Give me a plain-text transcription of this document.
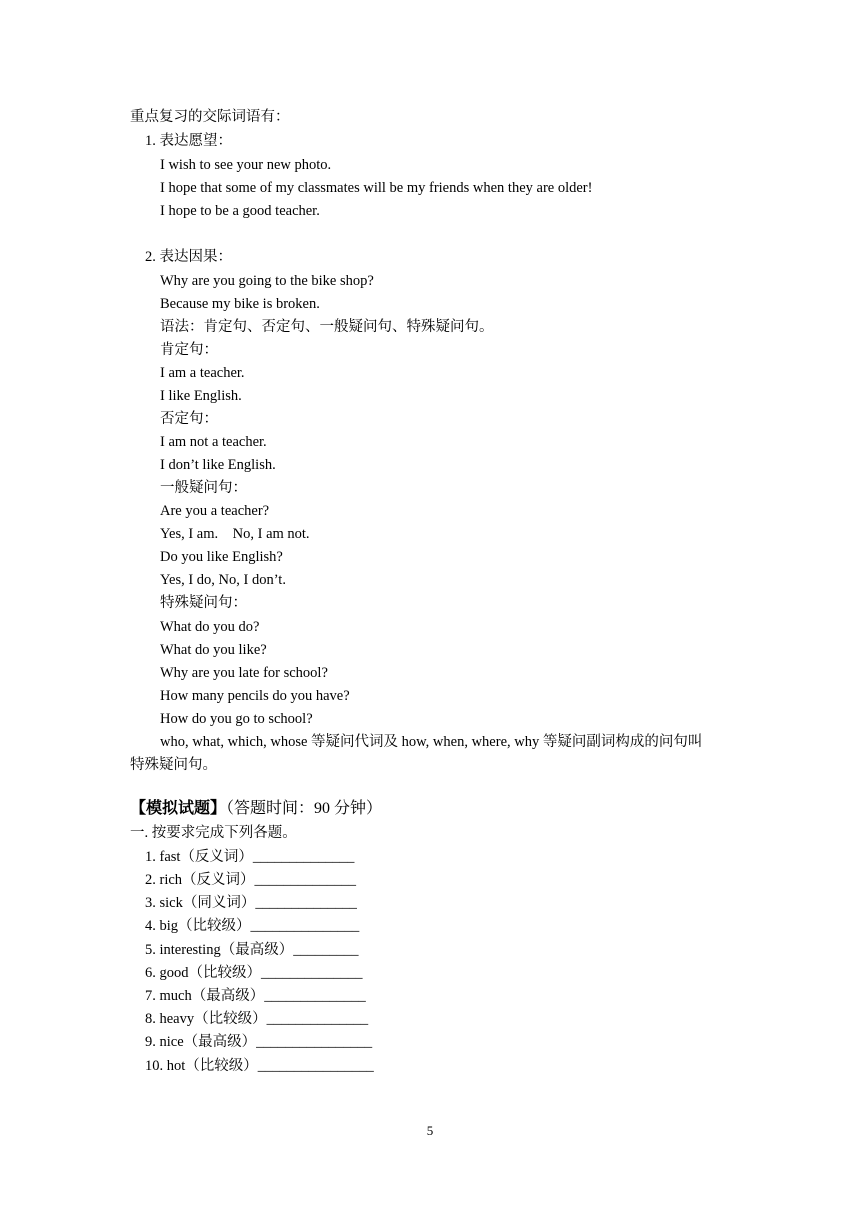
重点复习的交际词语有：
1. 表达愿望：
I wish to see your new photo.
I hope that some of my classmates will be my friends when they are older!
I hope to be a good teacher.
2. 表达因果：
Why are you going to the bike shop?
Because my bike is broken.
语法：肯定句、否定句、一般疑问句、特殊疑问句。
肯定句：
I am a teacher.
I like English.
否定句：
I am not a teacher.
I don’t like English.
一般疑问句：
Are you a teacher?
Yes, I am.    No, I am not.
Do you like English?
Yes, I do, No, I don’t.
特殊疑问句：
What do you do?
What do you like?
Why are you late for school?
How many pencils do you have?
How do you go to school?
who, what, which, whose 等疑问代词及 how, when, where, why 等疑问副词构成的问句叫
特殊疑问句。
【模拟试题】（答题时间：90 分钟）
一. 按要求完成下列各题。
1. fast（反义词）______________
2. rich（反义词）______________
3. sick（同义词）______________
4. big（比较级）_______________
5. interesting（最高级）_________
6. good（比较级）______________
7. much（最高级）______________
8. heavy（比较级）______________
9. nice（最高级）________________
10. hot（比较级）________________
5
